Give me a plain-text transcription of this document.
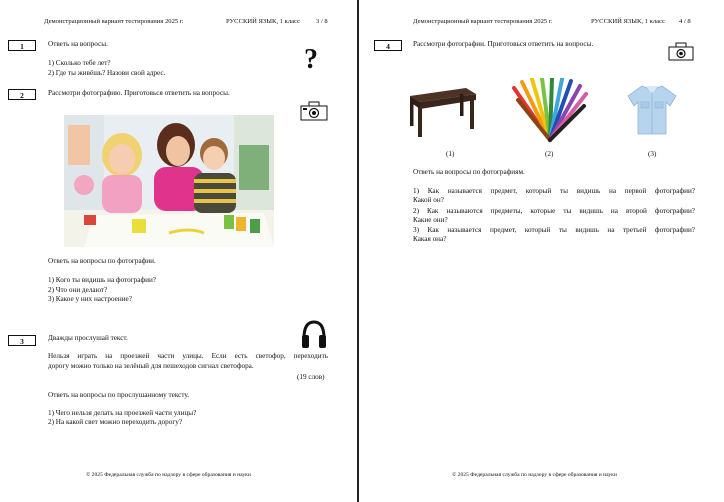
Демонстрационный вариант тестирования 2025 г.	РУССКИЙ ЯЗЫК, 1 класс 3 / 8
1	Ответь на вопросы.
1) Сколько тебе лет?
2) Где ты живёшь? Назови свой адрес.	?
2	Рассмотри фотографию. Приготовься ответить на вопросы.
Ответь на вопросы по фотографии.
1) Кого ты видишь на фотографии?
2) Что они делают?
3) Какое у них настроение?
3	Дважды прослушай текст.
Нельзя играть на проезжей части улицы. Если есть светофор, переходить
дорогу можно только на зелёный для пешеходов сигнал светофора.
(19 слов)
Ответь на вопросы по прослушанному тексту.
1) Чего нельзя делать на проезжей части улицы?
2) На какой свет можно переходить дорогу?
© 2025 Федеральная служба по надзору в сфере образования и науки
Демонстрационный вариант тестирования 2025 г.	РУССКИЙ ЯЗЫК, 1 класс 4 / 8
4	Рассмотри фотографии. Приготовься ответить на вопросы.
(1)	(2)	(3)
Ответь на вопросы по фотографиям.
1) Как называется предмет, который ты видишь на первой фотографии?
Какой он?
2) Как называются предметы, которые ты видишь на второй фотографии?
Какие они?
3) Как называется предмет, который ты видишь на третьей фотографии?
Какая она?
© 2025 Федеральная служба по надзору в сфере образования и науки
